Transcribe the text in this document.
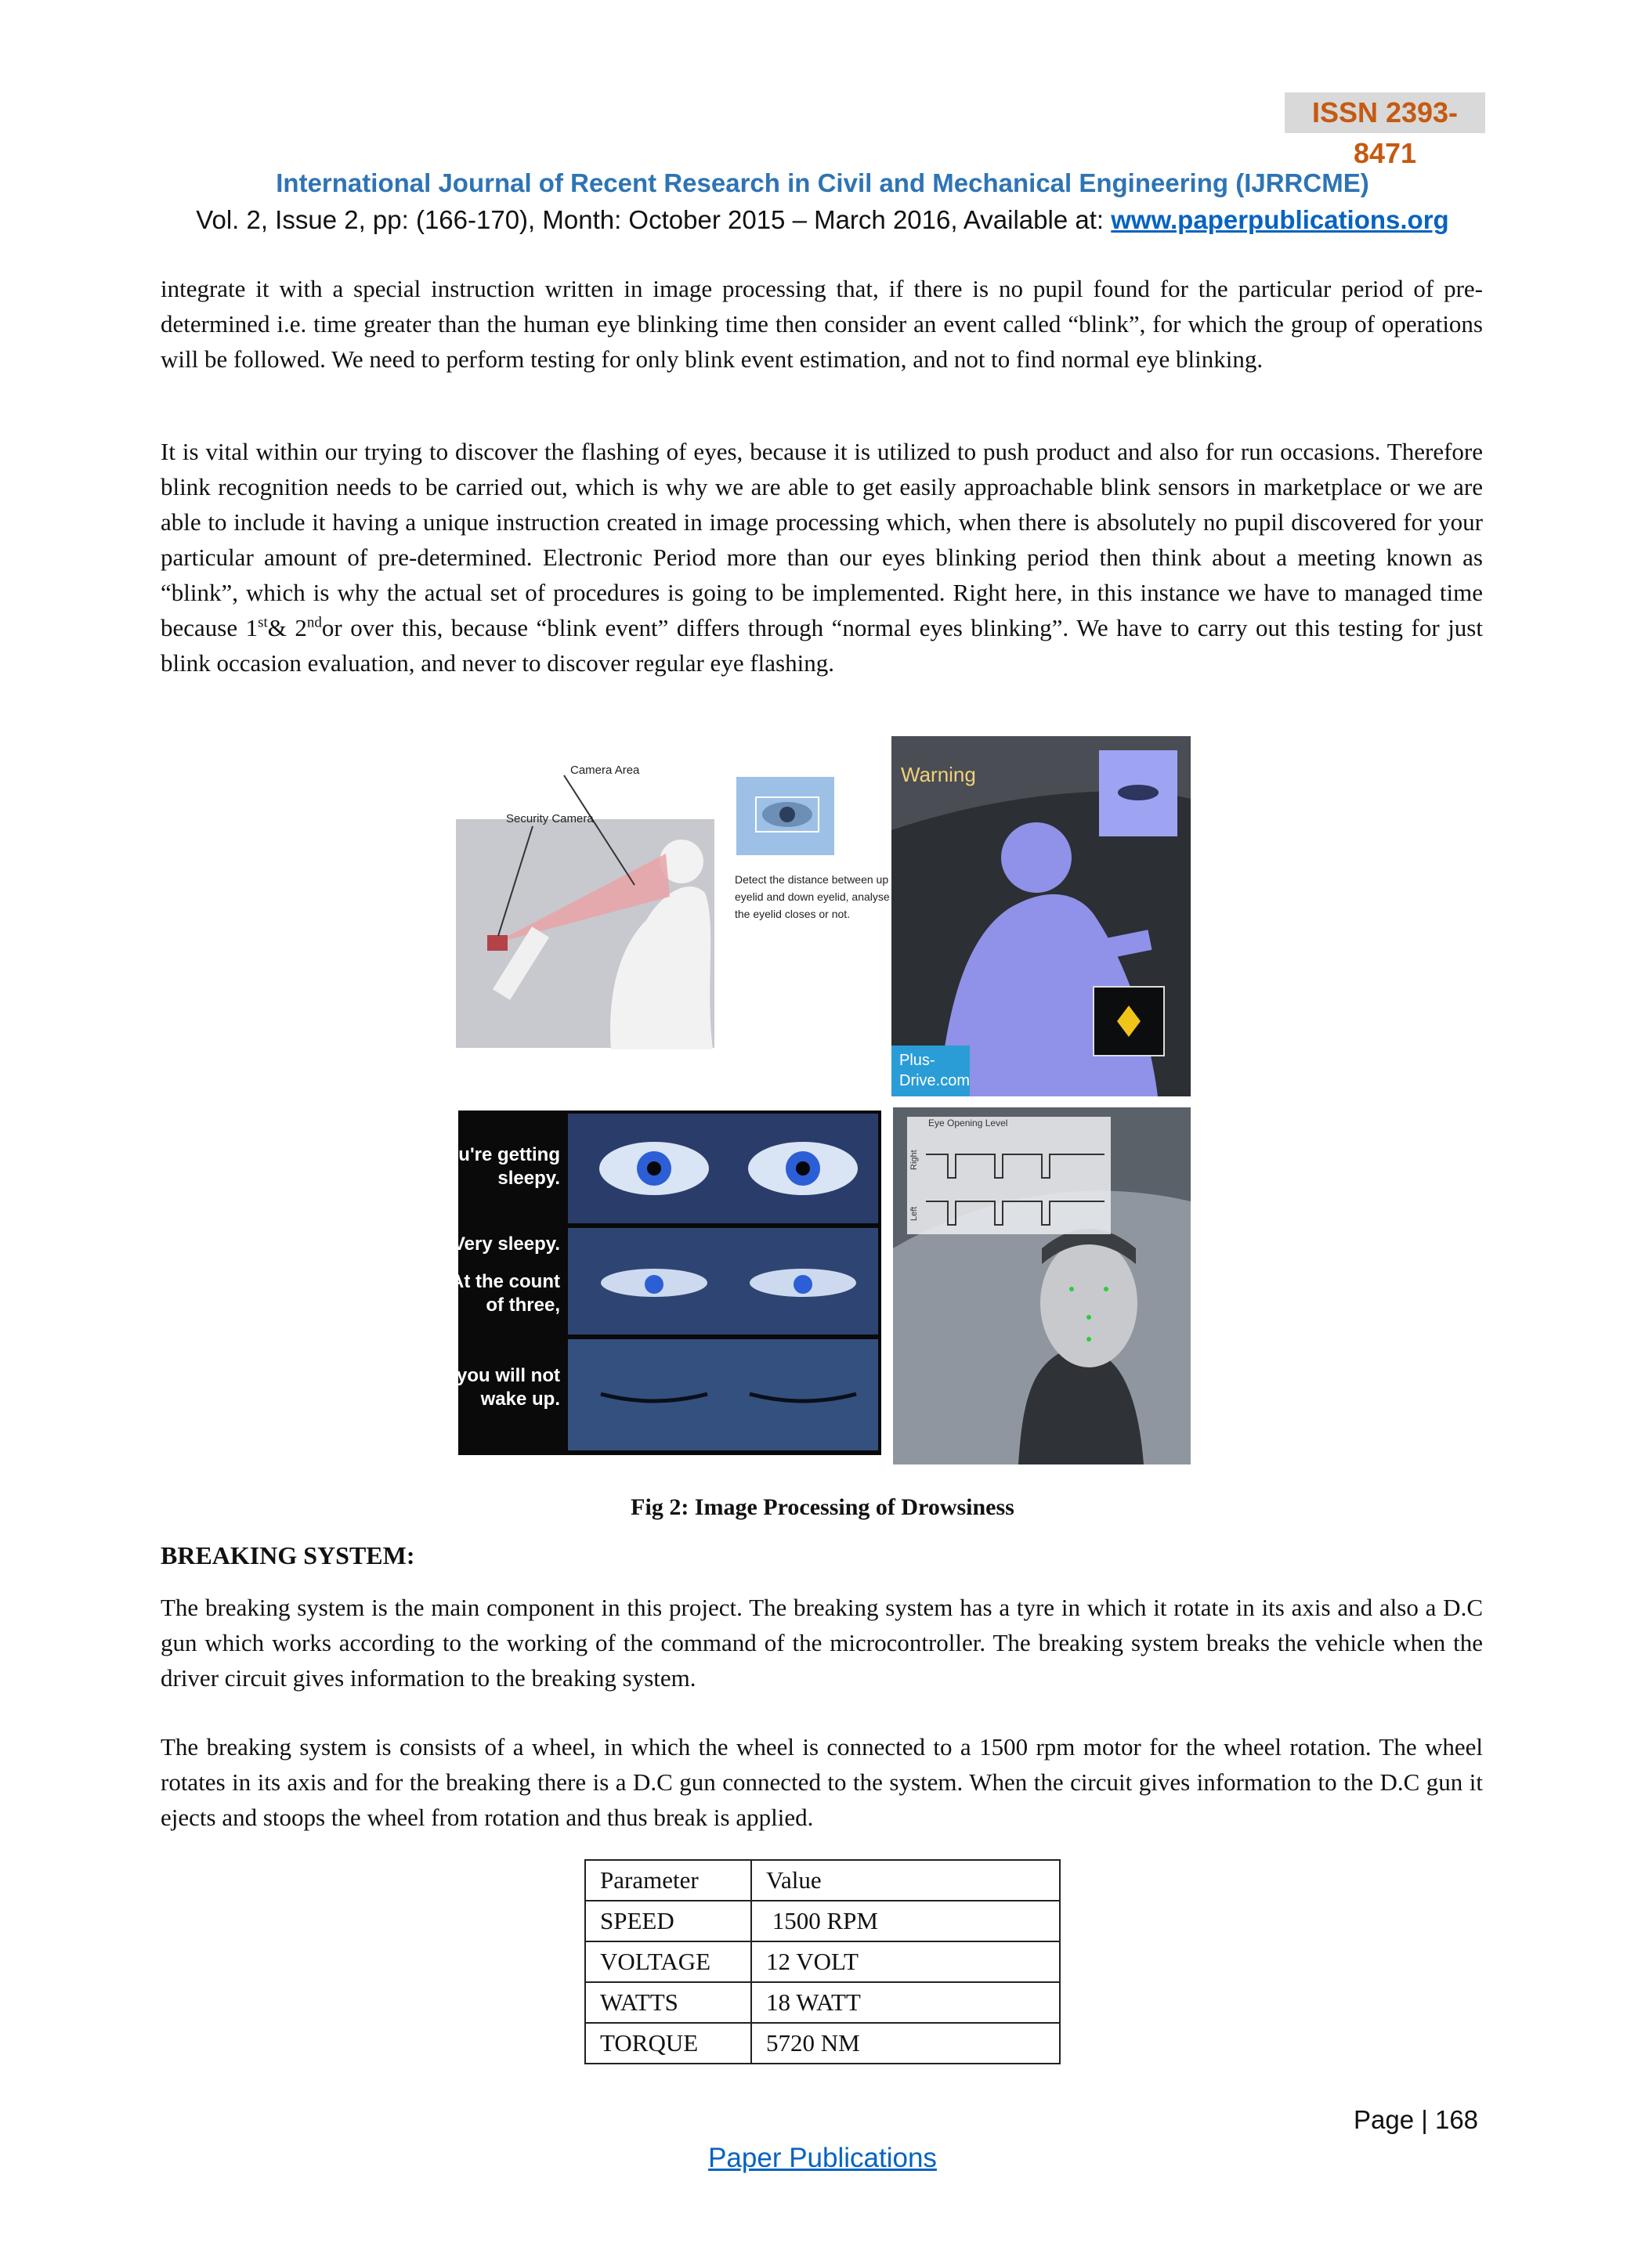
ISSN 2393-8471
International Journal of Recent Research in Civil and Mechanical Engineering (IJRRCME)
Vol. 2, Issue 2, pp: (166-170), Month: October 2015 – March 2016, Available at: www.paperpublications.org

integrate it with a special instruction written in image processing that, if there is no pupil found for the particular period of pre-determined i.e. time greater than the human eye blinking time then consider an event called “blink”, for which the group of operations will be followed. We need to perform testing for only blink event estimation, and not to find normal eye blinking.

It is vital within our trying to discover the flashing of eyes, because it is utilized to push product and also for run occasions. Therefore blink recognition needs to be carried out, which is why we are able to get easily approachable blink sensors in marketplace or we are able to include it having a unique instruction created in image processing which, when there is absolutely no pupil discovered for your particular amount of pre-determined. Electronic Period more than our eyes blinking period then think about a meeting known as “blink”, which is why the actual set of procedures is going to be implemented. Right here, in this instance we have to managed time because 1st& 2ndor over this, because “blink event” differs through “normal eyes blinking”. We have to carry out this testing for just blink occasion evaluation, and never to discover regular eye flashing.

Camera Area
Security Camera
Detect the distance between up
eyelid and down eyelid, analyse
the eyelid closes or not.
Warning
Plus-
Drive.com
You're getting
sleepy.
Very sleepy.
At the count
of three,
you will not
wake up.
Eye Opening Level
Right
Left
Fig 2: Image Processing of Drowsiness
BREAKING SYSTEM:

The breaking system is the main component in this project. The breaking system has a tyre in which it rotate in its axis and also a D.C gun which works according to the working of the command of the microcontroller. The breaking system breaks the vehicle when the driver circuit gives information to the breaking system.

The breaking system is consists of a wheel, in which the wheel is connected to a 1500 rpm motor for the wheel rotation. The wheel rotates in its axis and for the breaking there is a D.C gun connected to the system. When the circuit gives information to the D.C gun it ejects and stoops the wheel from rotation and thus break is applied.

Parameter	Value
SPEED	1500 RPM
VOLTAGE	12 VOLT
WATTS	18 WATT
TORQUE	5720 NM
Page | 168
Paper Publications
